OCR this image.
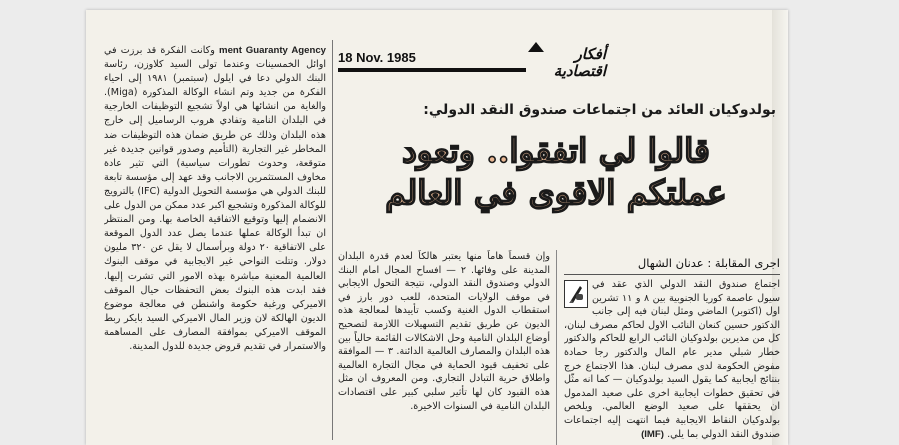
ment Guaranty Agency وكانت الفكرة قد برزت في اوائل الخمسينات وعندما تولى السيد كلاوزن، رئاسة البنك الدولي دعا في ايلول (سبتمبر) ١٩٨١ إلى احياء الفكرة من جديد وتم انشاء الوكالة المذكورة (Miga). والغاية من انشائها هي اولاً تشجيع التوظيفات الخارجية في البلدان النامية وتفادي هروب الرساميل إلى خارج هذه البلدان وذلك عن طريق ضمان هذه التوظيفات ضد المخاطر غير التجارية (التأميم وصدور قوانين جديدة غير متوقعة، وحدوث تطورات سياسية) التي تثير عادة مخاوف المستثمرين الاجانب وقد عهد إلى مؤسسة تابعة للبنك الدولي هي مؤسسة التحويل الدولية (IFC) بالترويج للوكالة المذكورة وتشجيع اكبر عدد ممكن من الدول على الانضمام إليها وتوقيع الاتفاقية الخاصة بها. ومن المنتظر ان تبدأ الوكالة عملها عندما يصل عدد الدول الموقعة على الاتفاقية ٢٠ دولة وبرأسمال لا يقل عن ٣٢٠ مليون دولار. وتتلت النواحي غير الايجابية في موقف البنوك العالمية المعنية مباشرة بهذه الامور التي تشرت إليها. فقد ابدت هذه البنوك بعض التحفظات حيال الموقف الاميركي ورغبة حكومة واشنطن في معالجة موضوع الديون الهالكة لان وزير المال الاميركي السيد بايكر ربط الموقف الاميركي بموافقة المصارف على المساهمة والاستمرار في تقديم قروض جديدة للدول المدينة.

18 Nov. 1985	أفكار
اقتصادية
بولدوكيان العائد من اجتماعات صندوق النقد الدولي:
قالوا لي اتفقوا.. وتعود
عملتكم الاقوى في العالم

وإن قسماً هاماً منها يعتبر هالكاً لعدم قدرة البلدان المدينة على وفائها. ٢ — افساح المجال امام البنك الدولي وصندوق النقد الدولي، نتيجة التحول الايجابي في موقف الولايات المتحدة، للعب دور بارز في استقطاب الدول الغنية وكسب تأييدها لمعالجة هذه الديون عن طريق تقديم التسهيلات اللازمة لتصحيح أوضاع البلدان النامية وحل الاشكالات القائمة حالياً بين هذه البلدان والمصارف العالمية الدائنة. ٣ — الموافقة على تخفيف قيود الحماية في مجال التجارة العالمية واطلاق حرية التبادل التجاري. ومن المعروف ان مثل هذه القيود كان لها تأثير سلبي كبير على اقتصادات البلدان النامية في السنوات الاخيرة.

اجرى المقابلة : عدنان الشهال

اجتماع صندوق النقد الدولي الذي عقد في سيول عاصمة كوريا الجنوبية بين ٨ و ١١ تشرين اول (اكتوبر) الماضي ومثل لبنان فيه إلى جانب الدكتور حسين كنعان النائب الاول لحاكم مصرف لبنان، كل من مديرين بولدوكيان النائب الرابع للحاكم والدكتور خطار شبلي مدير عام المال والدكتور رجا حمادة مفوض الحكومة لدى مصرف لبنان. هذا الاجتماع خرج بنتائج ايجابية كما يقول السيد بولدوكيان — كما انه مثّل في تحقيق خطوات ايجابية اخرى على صعيد المدمول ان يحققها على صعيد الوضع العالمي. ويلخص بولدوكيان النقاط الايجابية فيما انتهت إليه اجتماعات صندوق النقد الدولي بما يلي. (IMF)
